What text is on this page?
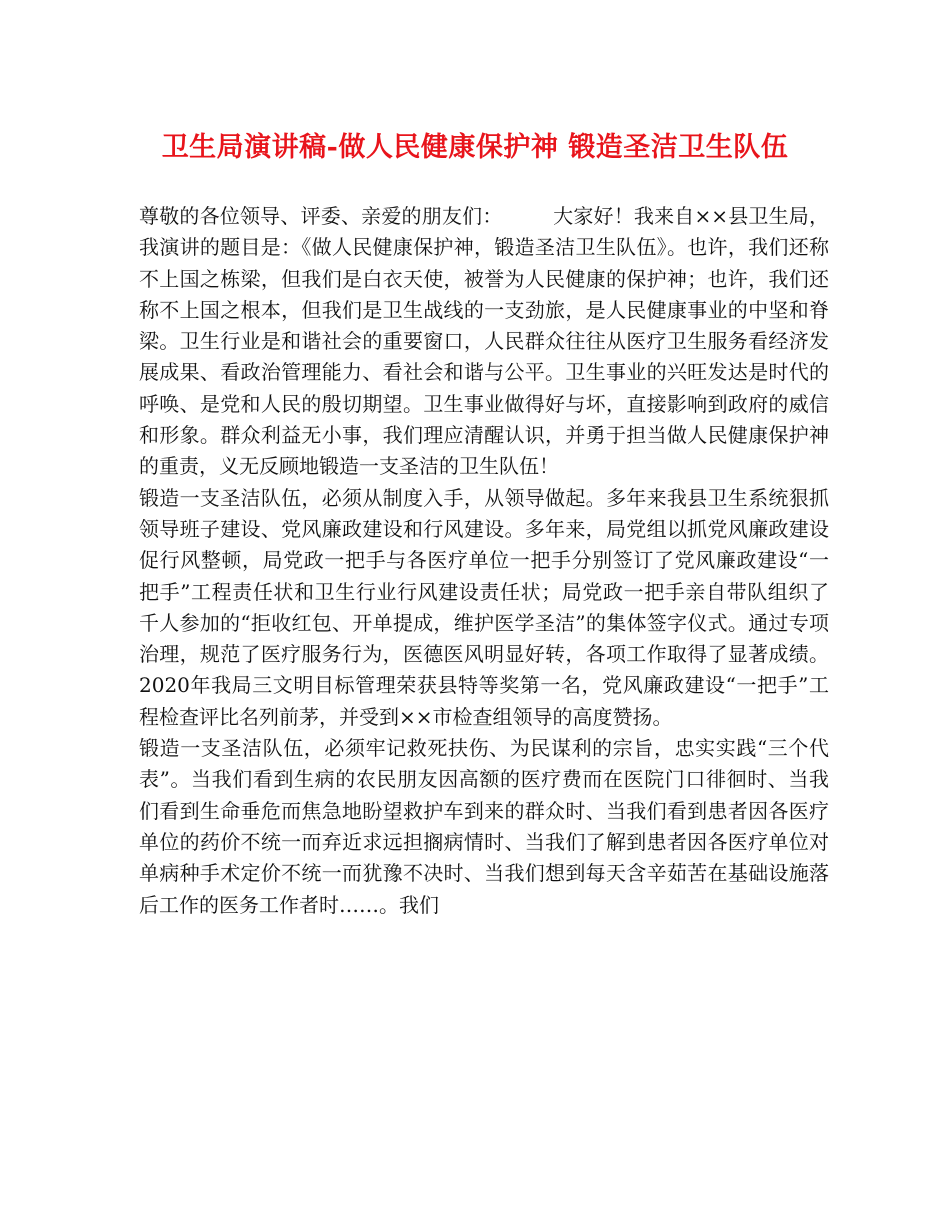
卫生局演讲稿-做人民健康保护神 锻造圣洁卫生队伍

尊敬的各位领导、评委、亲爱的朋友们：　　　大家好！我来自××县卫生局，我演讲的题目是：《做人民健康保护神，锻造圣洁卫生队伍》。也许，我们还称不上国之栋梁，但我们是白衣天使，被誉为人民健康的保护神；也许，我们还称不上国之根本，但我们是卫生战线的一支劲旅，是人民健康事业的中坚和脊梁。卫生行业是和谐社会的重要窗口，人民群众往往从医疗卫生服务看经济发展成果、看政治管理能力、看社会和谐与公平。卫生事业的兴旺发达是时代的呼唤、是党和人民的殷切期望。卫生事业做得好与坏，直接影响到政府的威信和形象。群众利益无小事，我们理应清醒认识，并勇于担当做人民健康保护神的重责，义无反顾地锻造一支圣洁的卫生队伍！

锻造一支圣洁队伍，必须从制度入手，从领导做起。多年来我县卫生系统狠抓领导班子建设、党风廉政建设和行风建设。多年来，局党组以抓党风廉政建设促行风整顿，局党政一把手与各医疗单位一把手分别签订了党风廉政建设“一把手”工程责任状和卫生行业行风建设责任状；局党政一把手亲自带队组织了千人参加的“拒收红包、开单提成，维护医学圣洁”的集体签字仪式。通过专项治理，规范了医疗服务行为，医德医风明显好转，各项工作取得了显著成绩。2020年我局三文明目标管理荣获县特等奖第一名，党风廉政建设“一把手”工程检查评比名列前茅，并受到××市检查组领导的高度赞扬。

锻造一支圣洁队伍，必须牢记救死扶伤、为民谋利的宗旨，忠实实践“三个代表”。当我们看到生病的农民朋友因高额的医疗费而在医院门口徘徊时、当我们看到生命垂危而焦急地盼望救护车到来的群众时、当我们看到患者因各医疗单位的药价不统一而弃近求远担搁病情时、当我们了解到患者因各医疗单位对单病种手术定价不统一而犹豫不决时、当我们想到每天含辛茹苦在基础设施落后工作的医务工作者时……。我们
